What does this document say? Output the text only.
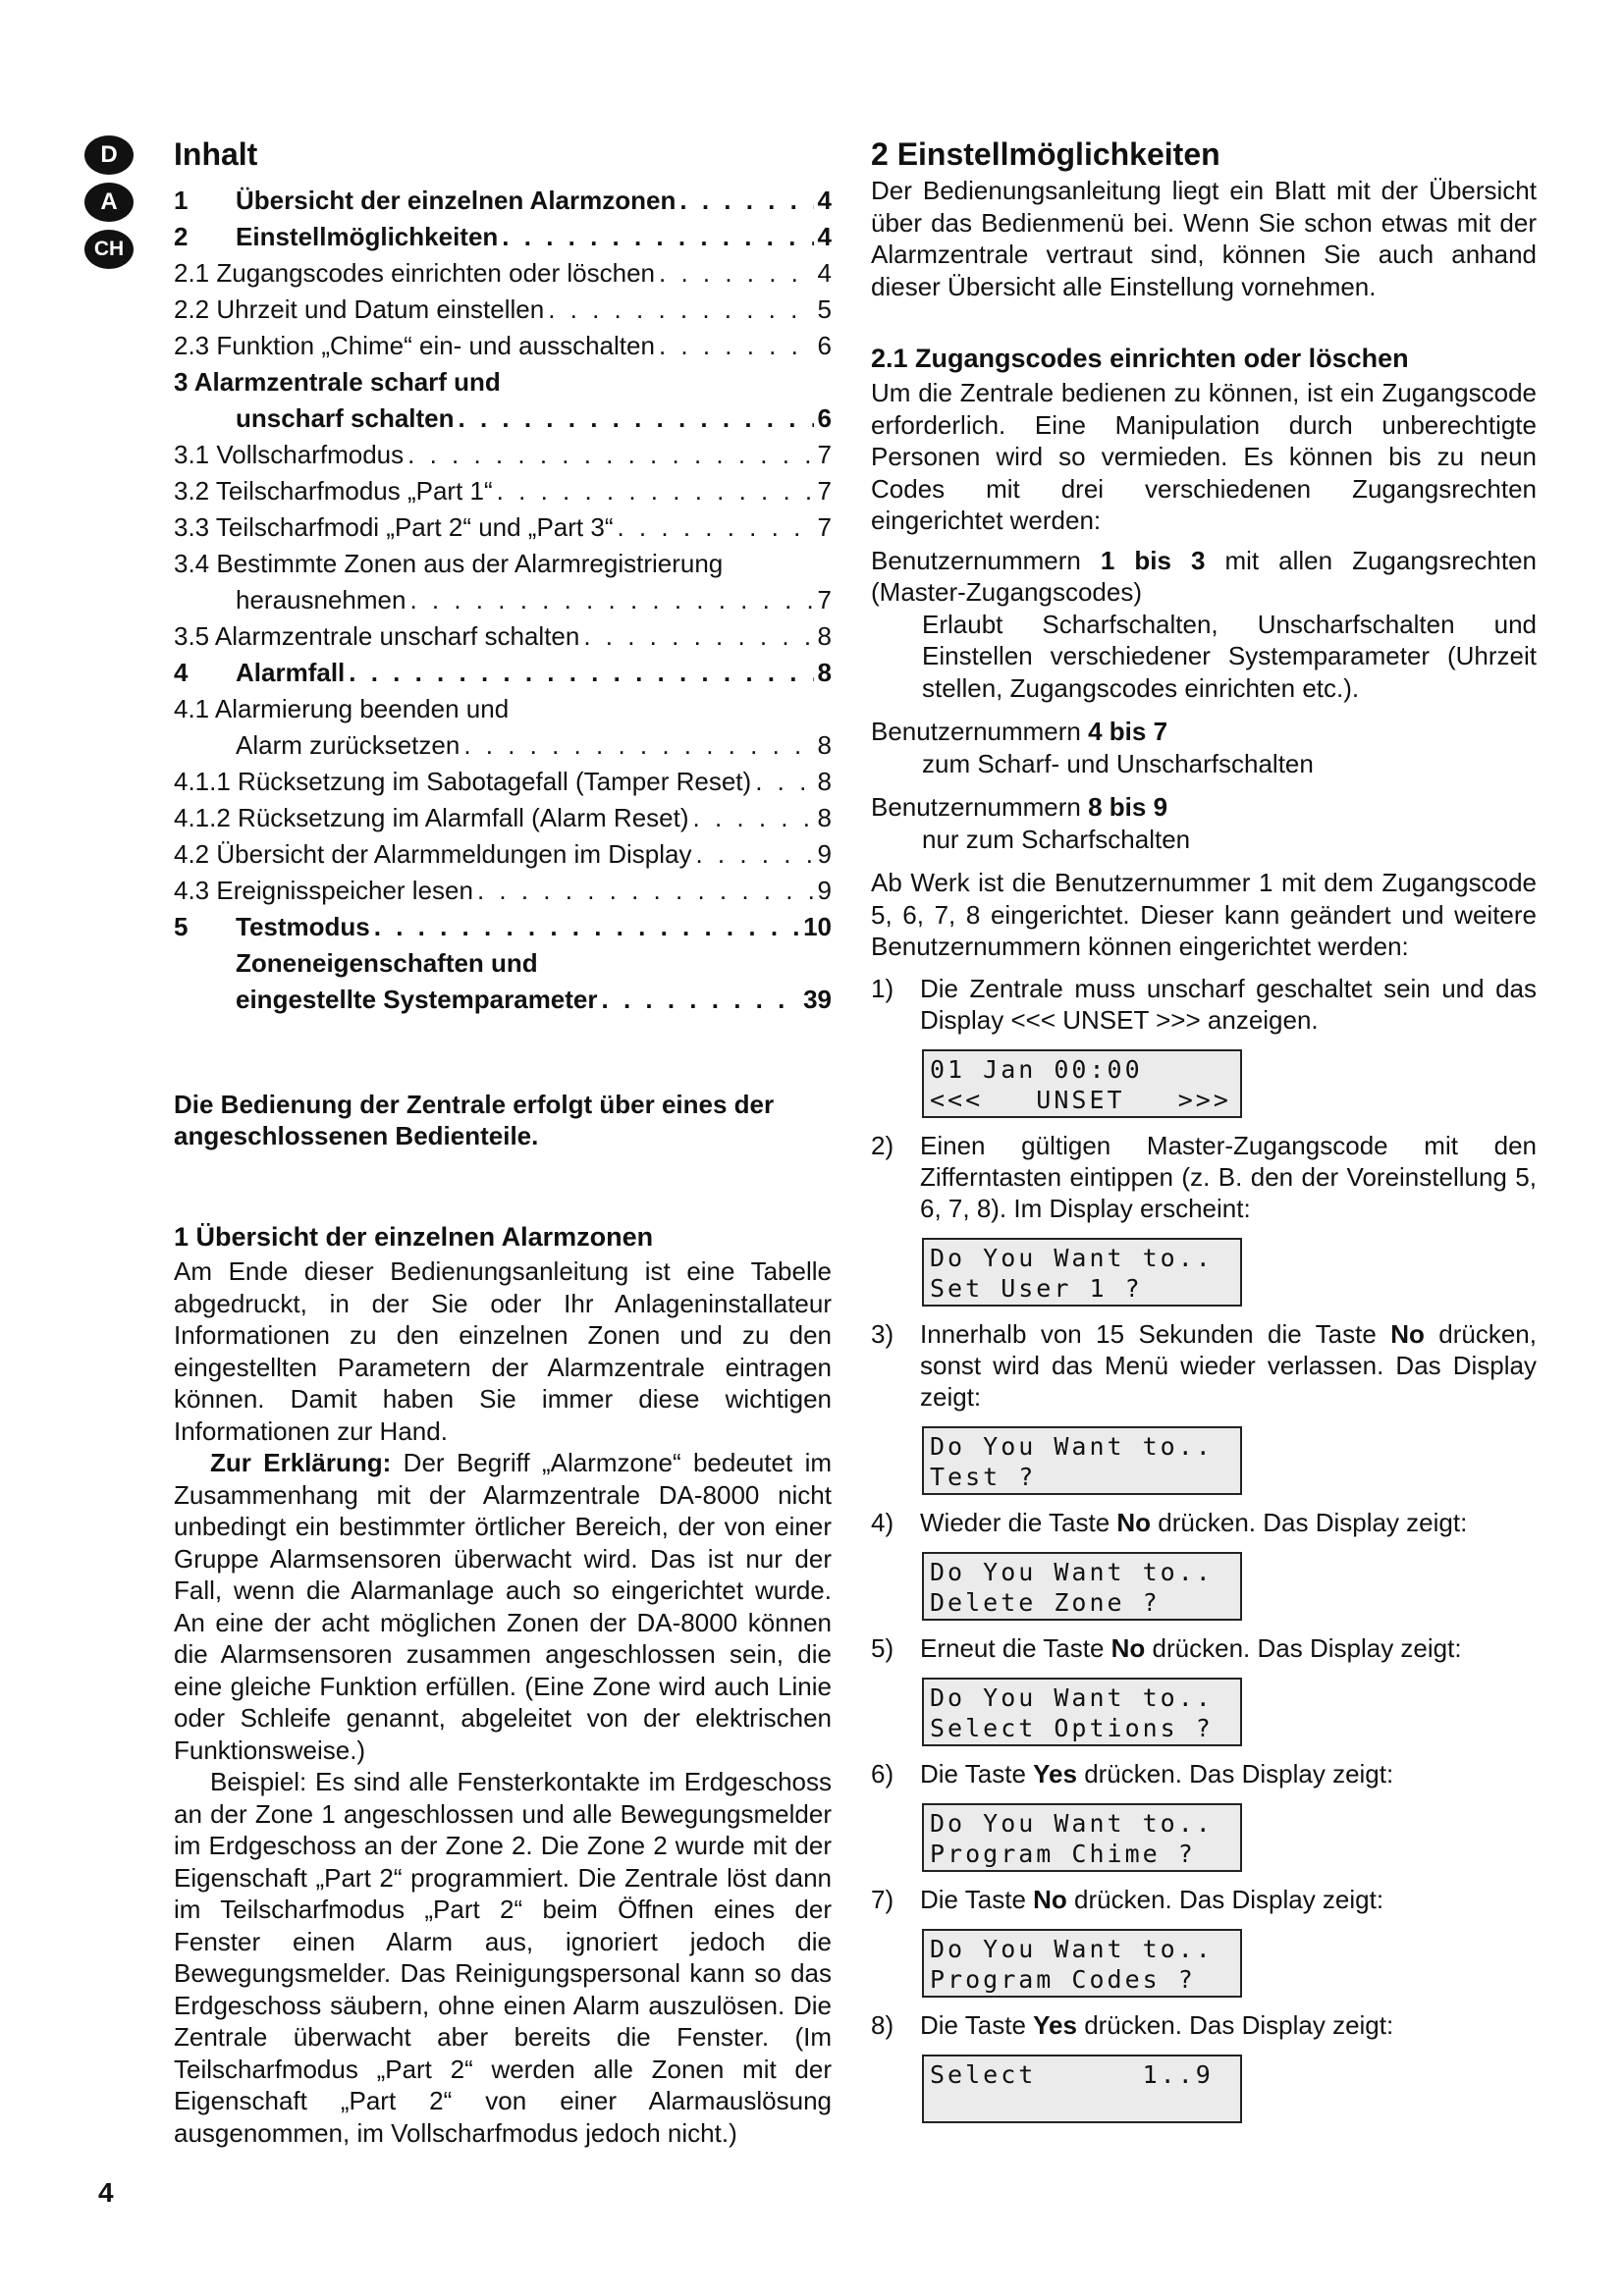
D
A
CH
Inhalt
1	Übersicht der einzelnen Alarmzonen . . .	4
2	Einstellmöglichkeiten . . .	4
2.1 Zugangscodes einrichten oder löschen . . .	4
2.2 Uhrzeit und Datum einstellen . . .	5
2.3 Funktion „Chime“ ein- und ausschalten . . .	6
3 Alarmzentrale scharf und
unscharf schalten . . .	6
3.1 Vollscharfmodus . . .	7
3.2 Teilscharfmodus „Part 1“ . . .	7
3.3 Teilscharfmodi „Part 2“ und „Part 3“ . . .	7
3.4 Bestimmte Zonen aus der Alarmregistrierung
herausnehmen . . .	7
3.5 Alarmzentrale unscharf schalten . . .	8
4	Alarmfall . . .	8
4.1 Alarmierung beenden und
Alarm zurücksetzen . . .	8
4.1.1 Rücksetzung im Sabotagefall (Tamper Reset) . . .	8
4.1.2 Rücksetzung im Alarmfall (Alarm Reset) . . .	8
4.2 Übersicht der Alarmmeldungen im Display . . .	9
4.3 Ereignisspeicher lesen . . .	9
5	Testmodus . . .	10
Zoneneigenschaften und
eingestellte Systemparameter . . .	39
Die Bedienung der Zentrale erfolgt über eines der angeschlossenen Bedienteile.
1 Übersicht der einzelnen Alarmzonen

Am Ende dieser Bedienungsanleitung ist eine Tabelle abgedruckt, in der Sie oder Ihr Anlageninstallateur Informationen zu den einzelnen Zonen und zu den eingestellten Parametern der Alarmzentrale eintragen können. Damit haben Sie immer diese wichtigen Informationen zur Hand.

Zur Erklärung: Der Begriff „Alarmzone“ bedeutet im Zusammenhang mit der Alarmzentrale DA-8000 nicht unbedingt ein bestimmter örtlicher Bereich, der von einer Gruppe Alarmsensoren überwacht wird. Das ist nur der Fall, wenn die Alarmanlage auch so eingerichtet wurde. An eine der acht möglichen Zonen der DA-8000 können die Alarmsensoren zusammen angeschlossen sein, die eine gleiche Funktion erfüllen. (Eine Zone wird auch Linie oder Schleife genannt, abgeleitet von der elektrischen Funktionsweise.)

Beispiel: Es sind alle Fensterkontakte im Erdgeschoss an der Zone 1 angeschlossen und alle Bewegungsmelder im Erdgeschoss an der Zone 2. Die Zone 2 wurde mit der Eigenschaft „Part 2“ programmiert. Die Zentrale löst dann im Teilscharfmodus „Part 2“ beim Öffnen eines der Fenster einen Alarm aus, ignoriert jedoch die Bewegungsmelder. Das Reinigungspersonal kann so das Erdgeschoss säubern, ohne einen Alarm auszulösen. Die Zentrale überwacht aber bereits die Fenster. (Im Teilscharfmodus „Part 2“ werden alle Zonen mit der Eigenschaft „Part 2“ von einer Alarmauslösung ausgenommen, im Vollscharfmodus jedoch nicht.)

2 Einstellmöglichkeiten

Der Bedienungsanleitung liegt ein Blatt mit der Übersicht über das Bedienmenü bei. Wenn Sie schon etwas mit der Alarmzentrale vertraut sind, können Sie auch anhand dieser Übersicht alle Einstellung vornehmen.

2.1 Zugangscodes einrichten oder löschen

Um die Zentrale bedienen zu können, ist ein Zugangscode erforderlich. Eine Manipulation durch unberechtigte Personen wird so vermieden. Es können bis zu neun Codes mit drei verschiedenen Zugangsrechten eingerichtet werden:

Benutzernummern 1 bis 3 mit allen Zugangsrechten (Master-Zugangscodes)

Erlaubt Scharfschalten, Unscharfschalten und Einstellen verschiedener Systemparameter (Uhrzeit stellen, Zugangscodes einrichten etc.).

Benutzernummern 4 bis 7

zum Scharf- und Unscharfschalten

Benutzernummern 8 bis 9

nur zum Scharfschalten

Ab Werk ist die Benutzernummer 1 mit dem Zugangscode 5, 6, 7, 8 eingerichtet. Dieser kann geändert und weitere Benutzernummern können eingerichtet werden:

1)	Die Zentrale muss unscharf geschaltet sein und das Display <<< UNSET >>> anzeigen.
01 Jan 00:00
<<<   UNSET   >>>
2)	Einen gültigen Master-Zugangscode mit den Zifferntasten eintippen (z. B. den der Voreinstellung 5, 6, 7, 8). Im Display erscheint:
Do You Want to..
Set User 1 ?
3)	Innerhalb von 15 Sekunden die Taste No drücken, sonst wird das Menü wieder verlassen. Das Display zeigt:
Do You Want to..
Test ?
4)	Wieder die Taste No drücken. Das Display zeigt:
Do You Want to..
Delete Zone ?
5)	Erneut die Taste No drücken. Das Display zeigt:
Do You Want to..
Select Options ?
6)	Die Taste Yes drücken. Das Display zeigt:
Do You Want to..
Program Chime ?
7)	Die Taste No drücken. Das Display zeigt:
Do You Want to..
Program Codes ?
8)	Die Taste Yes drücken. Das Display zeigt:
Select      1..9
4
